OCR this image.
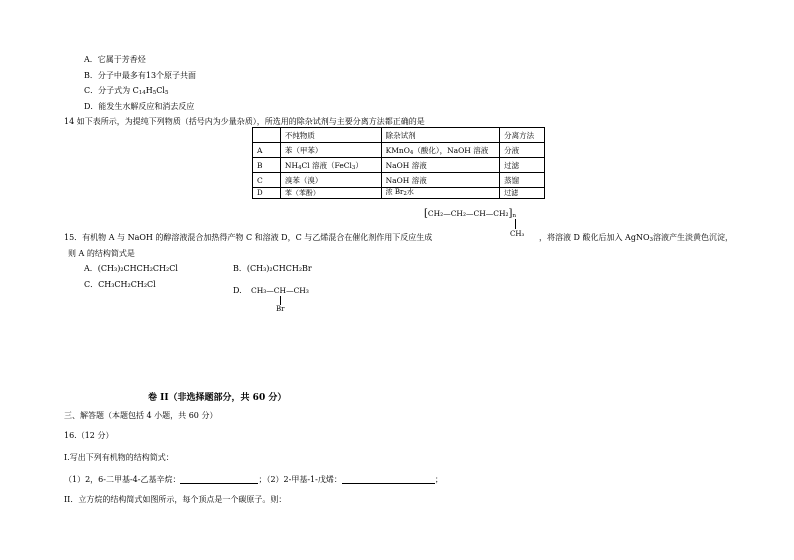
A．它属于芳香烃
B．分子中最多有13个原子共面
C．分子式为 $C_{14}H_5Cl_5$
D．能发生水解反应和消去反应
14 如下表所示，为提纯下列物质（括号内为少量杂质），所选用的除杂试剂与主要分离方法都正确的是
	不纯物质	除杂试剂	分离方法
A	苯（甲苯）	KMnO$_4$（酸化），NaOH 溶液	分液
B	$NH_4Cl$ 溶液（FeCl$_3$）	NaOH 溶液	过滤
C	溴苯（溴）	NaOH 溶液	蒸馏
D	苯（苯酚）	浓 $Br_2$水	过滤
$[CH_2—CH_2—CH—CH_2]_n$
CH₃
15．有机物 A 与 NaOH 的醇溶液混合加热得产物 C 和溶液 D，C 与乙烯混合在催化剂作用下反应生成	，将溶液 D 酸化后加入 AgNO$_3$溶液产生淡黄色沉淀，
则 A 的结构简式是
A．(CH₃)₂CHCH₂CH₂Cl	B．(CH₃)₂CHCH₂Br
C．CH₃CH₂CH₂Cl
D. CH₃—CH—CH₃
Br
卷 II（非选择题部分，共 60 分）
三、解答题（本题包括 4 小题，共 60 分）
16.（12 分）
I.写出下列有机物的结构简式：
（1）2，6-二甲基-4-乙基辛烷：	；（2）2-甲基-1-戊烯：	；
II．立方烷的结构简式如图所示，每个顶点是一个碳原子。则：
